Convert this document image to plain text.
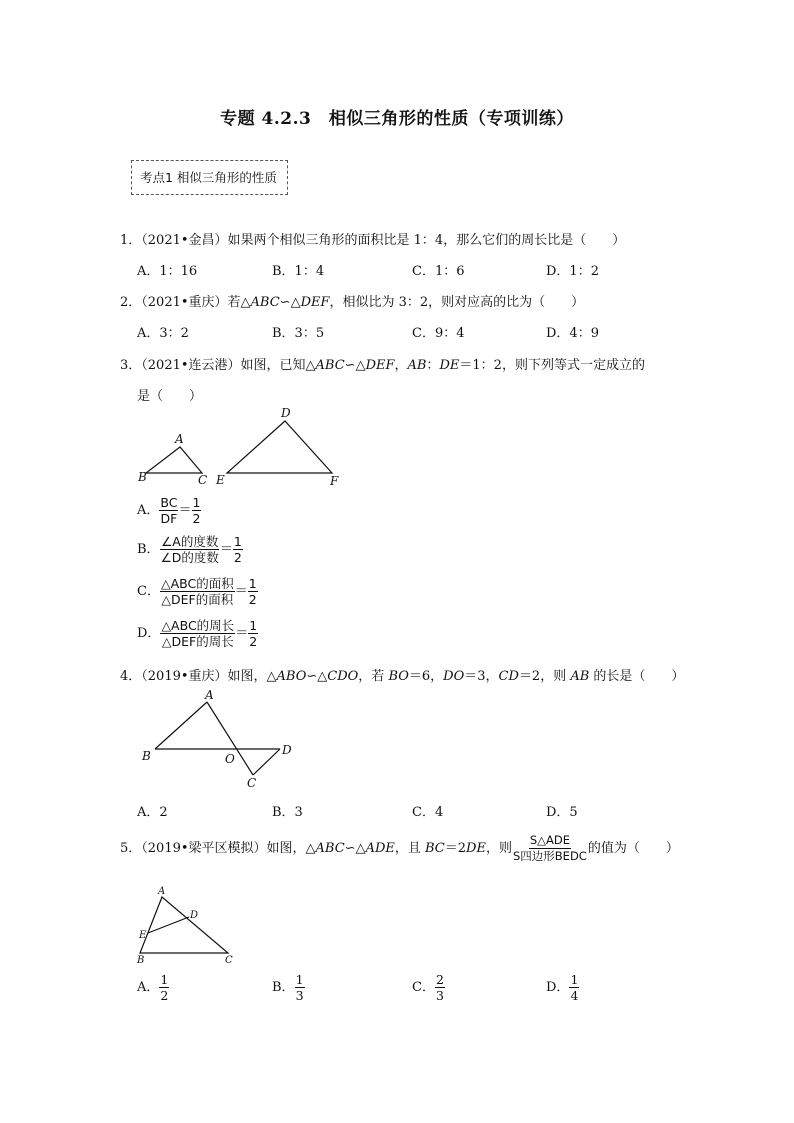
专题 4.2.3　相似三角形的性质（专项训练）
考点1 相似三角形的性质
1．（2021•金昌）如果两个相似三角形的面积比是 1：4，那么它们的周长比是（　　）
A．1：16	B．1：4	C．1：6	D．1：2
2．（2021•重庆）若△ABC∽△DEF，相似比为 3：2，则对应高的比为（　　）
A．3：2	B．3：5	C．9：4	D．4：9
3．（2021•连云港）如图，已知△ABC∽△DEF，AB：DE＝1：2，则下列等式一定成立的
是（　　）
A
B	C
D
E	F
A． $\frac{BC}{DF} = \frac{1}{2}$
B． $\frac{\text{∠A的度数}}{\text{∠D的度数}} = \frac{1}{2}$
C． $\frac{\text{△ABC的面积}}{\text{△DEF的面积}} = \frac{1}{2}$
D． $\frac{\text{△ABC的周长}}{\text{△DEF的周长}} = \frac{1}{2}$
4．（2019•重庆）如图，△ABO∽△CDO，若 BO＝6，DO＝3，CD＝2，则 AB 的长是（　　）
A
B	O
C
D
A．2	B．3	C．4	D．5
5．（2019•梁平区模拟）如图，△ABC∽△ADE，且 BC＝2DE，则 $\frac{\text{S△ADE}}{\text{S四边形BEDC}}$ 的值为（　　）
A
D
E
B	C
A． $\frac{1}{2}$	B． $\frac{1}{3}$	C． $\frac{2}{3}$	D． $\frac{1}{4}$
